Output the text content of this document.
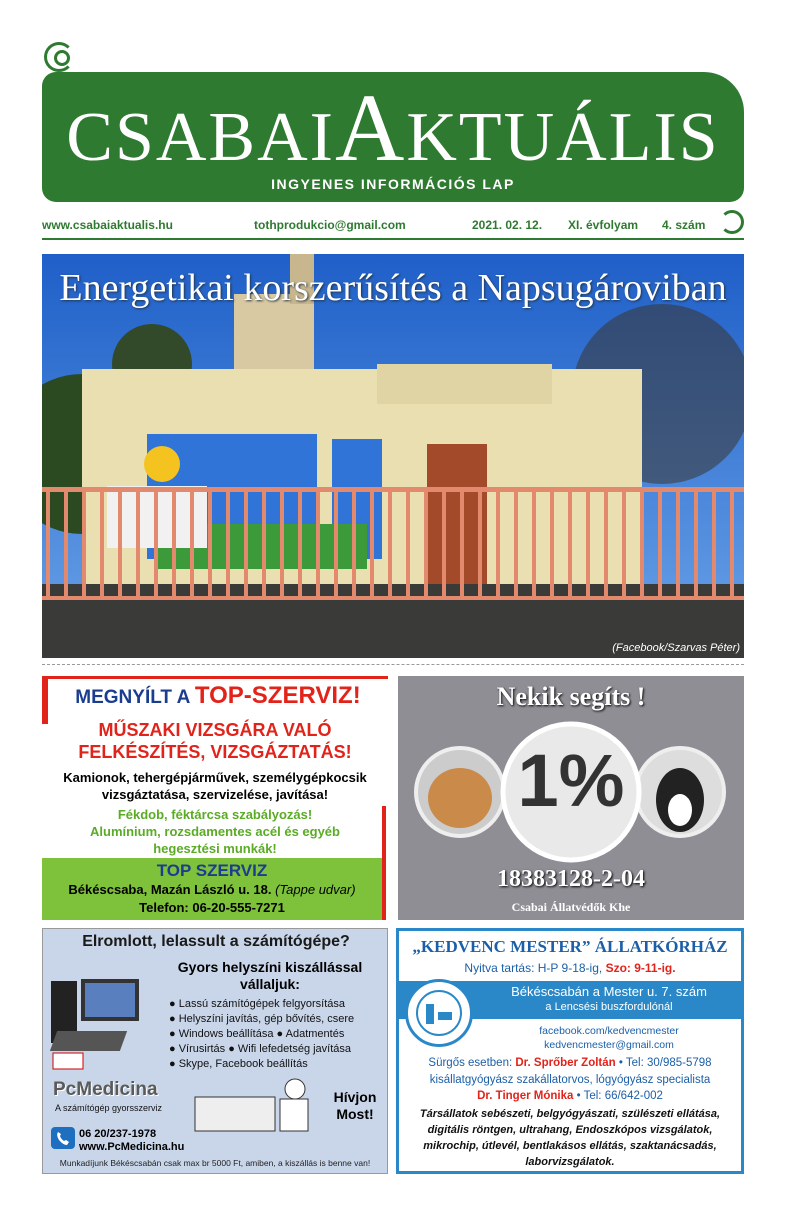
CSABAIAKTUÁLIS
INGYENES INFORMÁCIÓS LAP
www.csabaiaktualis.hu	tothprodukcio@gmail.com	2021. 02. 12. XI. évfolyam 4. szám
Energetikai korszerűsítés a Napsugároviban
(Facebook/Szarvas Péter)
MEGNYÍLT A TOP-SZERVIZ!
MŰSZAKI VIZSGÁRA VALÓ
FELKÉSZÍTÉS, VIZSGÁZTATÁS!
Kamionok, tehergépjárművek, személygépkocsik
vizsgáztatása, szervizelése, javítása!
Fékdob, féktárcsa szabályozás!
Alumínium, rozsdamentes acél és egyéb
hegesztési munkák!
TOP SZERVIZ
Békéscsaba, Mazán László u. 18. (Tappe udvar)
Telefon: 06-20-555-7271
Nekik segíts !
1%
18383128-2-04
Csabai Állatvédők Khe
Elromlott, lelassult a számítógépe?
Gyors helyszíni kiszállással
vállaljuk:
● Lassú számítógépek felgyorsítása
● Helyszíni javítás, gép bővítés, csere
● Windows beállítása ● Adatmentés
● Vírusirtás ● Wifi lefedetség javítása
● Skype, Facebook beállítás
PcMedicina
A számítógép gyorsszerviz
Hívjon
Most!
06 20/237-1978
www.PcMedicina.hu
Munkadíjunk Békéscsabán csak max br 5000 Ft, amiben, a kiszállás is benne van!
„KEDVENC MESTER” ÁLLATKÓRHÁZ
Nyitva tartás: H-P 9-18-ig, Szo: 9-11-ig.
Békéscsabán a Mester u. 7. szám
a Lencsési buszfordulónál
facebook.com/kedvencmester
kedvencmester@gmail.com
Sürgős esetben: Dr. Sprőber Zoltán • Tel: 30/985-5798
kisállatgyógyász szakállatorvos, lógyógyász specialista
Dr. Tinger Mónika • Tel: 66/642-002
Társállatok sebészeti, belgyógyászati, szülészeti ellátása,
digitális röntgen, ultrahang, Endoszkópos vizsgálatok,
mikrochip, útlevél, bentlakásos ellátás, szaktanácsadás,
laborvizsgálatok.
